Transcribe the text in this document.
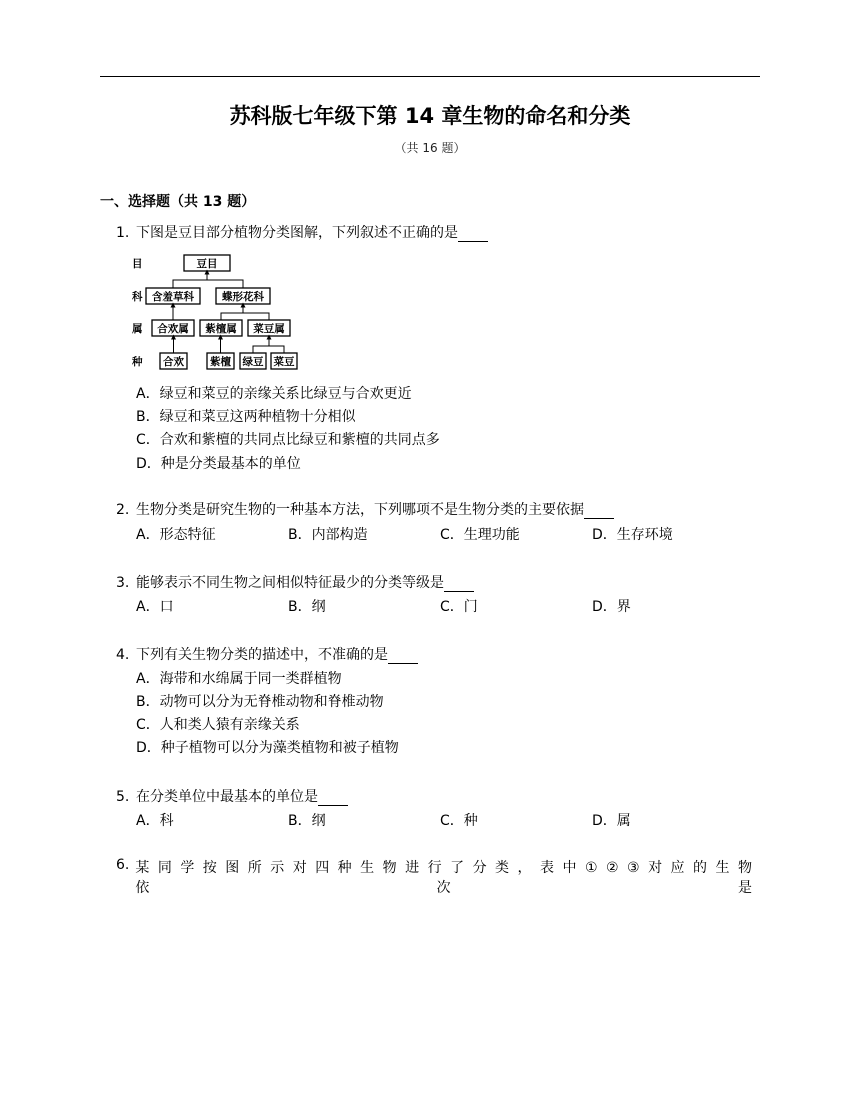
苏科版七年级下第 14 章生物的命名和分类
（共 16 题）
一、选择题（共 13 题）
1. 下图是豆目部分植物分类图解，下列叙述不正确的是
目
科
属
种
豆目
含羞草科	蝶形花科
合欢属 紫檀属 菜豆属
合欢 紫檀 绿豆 菜豆
A．绿豆和菜豆的亲缘关系比绿豆与合欢更近
B．绿豆和菜豆这两种植物十分相似
C．合欢和紫檀的共同点比绿豆和紫檀的共同点多
D．种是分类最基本的单位
2. 生物分类是研究生物的一种基本方法，下列哪项不是生物分类的主要依据
A．形态特征	B．内部构造	C．生理功能	D．生存环境
3. 能够表示不同生物之间相似特征最少的分类等级是
A．口	B．纲	C．门	D．界
4. 下列有关生物分类的描述中，不准确的是
A．海带和水绵属于同一类群植物
B．动物可以分为无脊椎动物和脊椎动物
C．人和类人猿有亲缘关系
D．种子植物可以分为藻类植物和被子植物
5. 在分类单位中最基本的单位是
A．科	B．纲	C．种	D．属
6. 某同学按图所示对四种生物进行了分类，表中①②③对应的生物依次是
